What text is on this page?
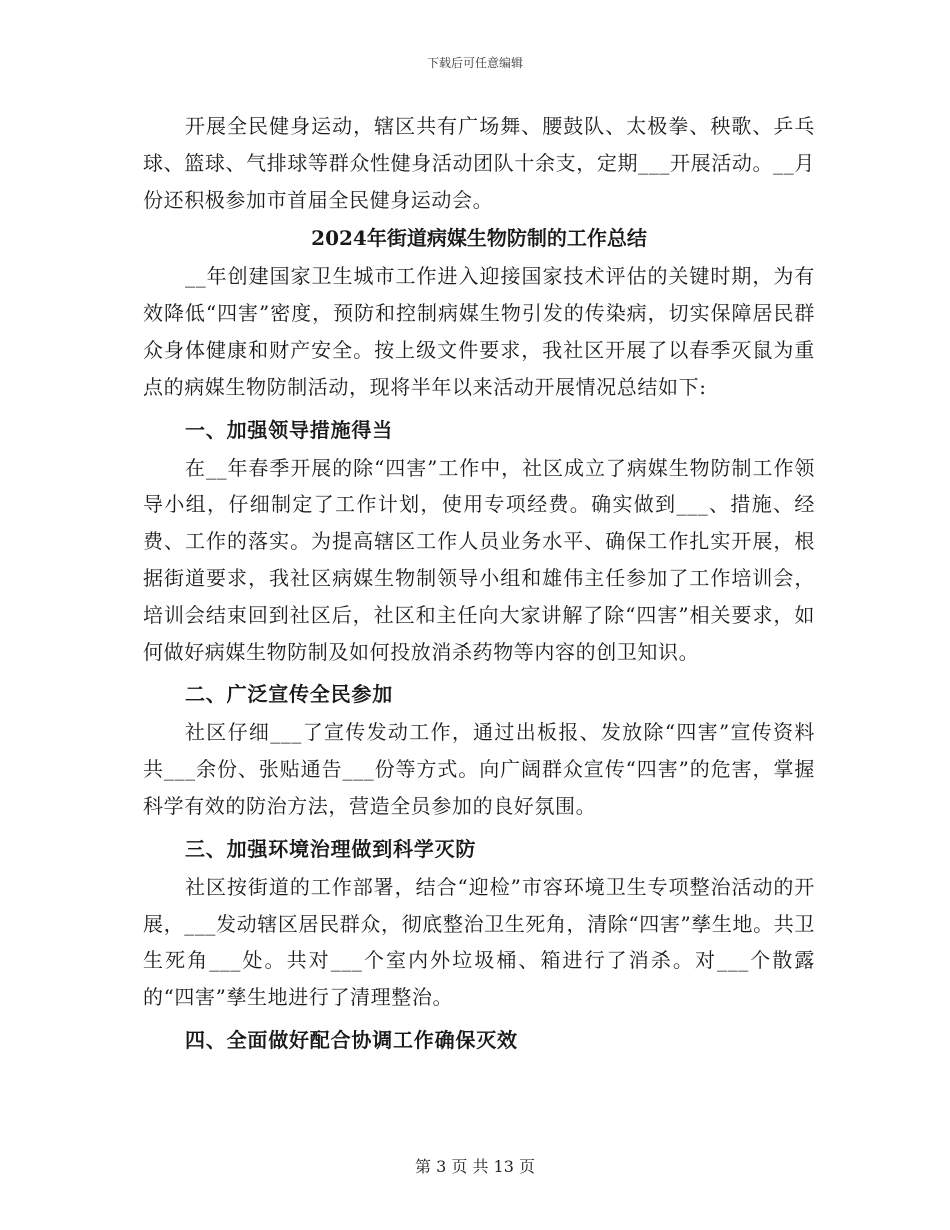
下载后可任意编辑

开展全民健身运动，辖区共有广场舞、腰鼓队、太极拳、秧歌、乒乓球、篮球、气排球等群众性健身活动团队十余支，定期___开展活动。__月份还积极参加市首届全民健身运动会。

2024年街道病媒生物防制的工作总结

__年创建国家卫生城市工作进入迎接国家技术评估的关键时期，为有效降低“四害”密度，预防和控制病媒生物引发的传染病，切实保障居民群众身体健康和财产安全。按上级文件要求，我社区开展了以春季灭鼠为重点的病媒生物防制活动，现将半年以来活动开展情况总结如下:

一、加强领导措施得当

在__年春季开展的除“四害”工作中，社区成立了病媒生物防制工作领导小组，仔细制定了工作计划，使用专项经费。确实做到___、措施、经费、工作的落实。为提高辖区工作人员业务水平、确保工作扎实开展，根据街道要求，我社区病媒生物制领导小组和雄伟主任参加了工作培训会，培训会结束回到社区后，社区和主任向大家讲解了除“四害”相关要求，如何做好病媒生物防制及如何投放消杀药物等内容的创卫知识。

二、广泛宣传全民参加

社区仔细___了宣传发动工作，通过出板报、发放除“四害”宣传资料共___余份、张贴通告___份等方式。向广阔群众宣传“四害”的危害，掌握科学有效的防治方法，营造全员参加的良好氛围。

三、加强环境治理做到科学灭防

社区按街道的工作部署，结合“迎检”市容环境卫生专项整治活动的开展，___发动辖区居民群众，彻底整治卫生死角，清除“四害”孳生地。共卫生死角___处。共对___个室内外垃圾桶、箱进行了消杀。对___个散露的“四害”孳生地进行了清理整治。

四、全面做好配合协调工作确保灭效

第 3 页 共 13 页
